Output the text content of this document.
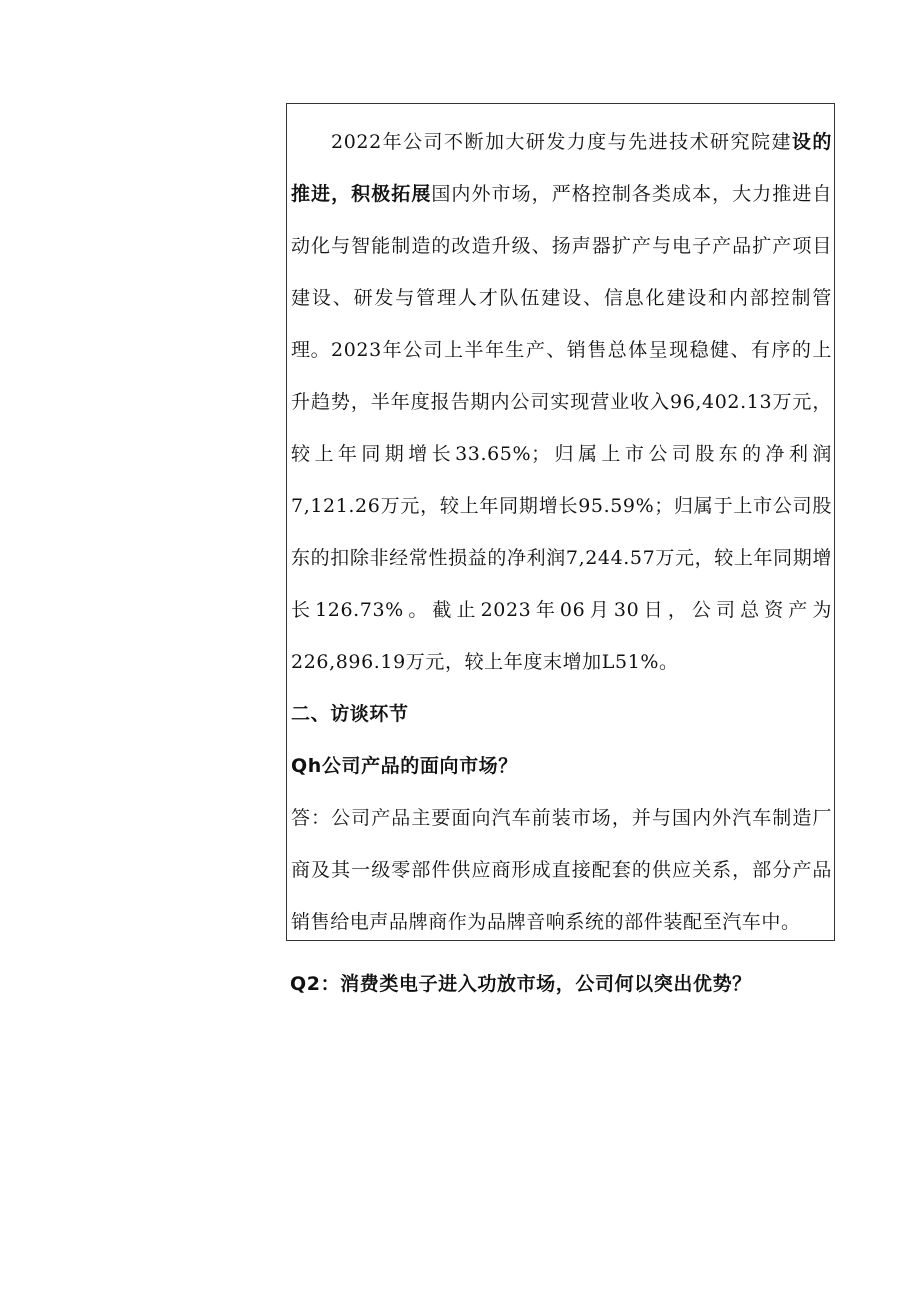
2022年公司不断加大研发力度与先进技术研究院建设的推进，积极拓展国内外市场，严格控制各类成本，大力推进自动化与智能制造的改造升级、扬声器扩产与电子产品扩产项目建设、研发与管理人才队伍建设、信息化建设和内部控制管理。 2023年公司上半年生产、销售总体呈现稳健、有序的上升趋势，半年度报告期内公司实现营业收入96,402.13万元，较上年同期增长33.65%；归属上市公司股东的净利润7,121.26万元，较上年同期增长95.59%；归属于上市公司股东的扣除非经常性损益的净利润7,244.57万元，较上年同期增长126.73%。截止2023年06月30日，公司总资产为226,896.19万元，较上年度末增加L51%。

二、访谈环节

Qh公司产品的面向市场？

答：公司产品主要面向汽车前装市场，并与国内外汽车制造厂商及其一级零部件供应商形成直接配套的供应关系，部分产品销售给电声品牌商作为品牌音响系统的部件装配至汽车中。

Q2：消费类电子进入功放市场，公司何以突出优势？
